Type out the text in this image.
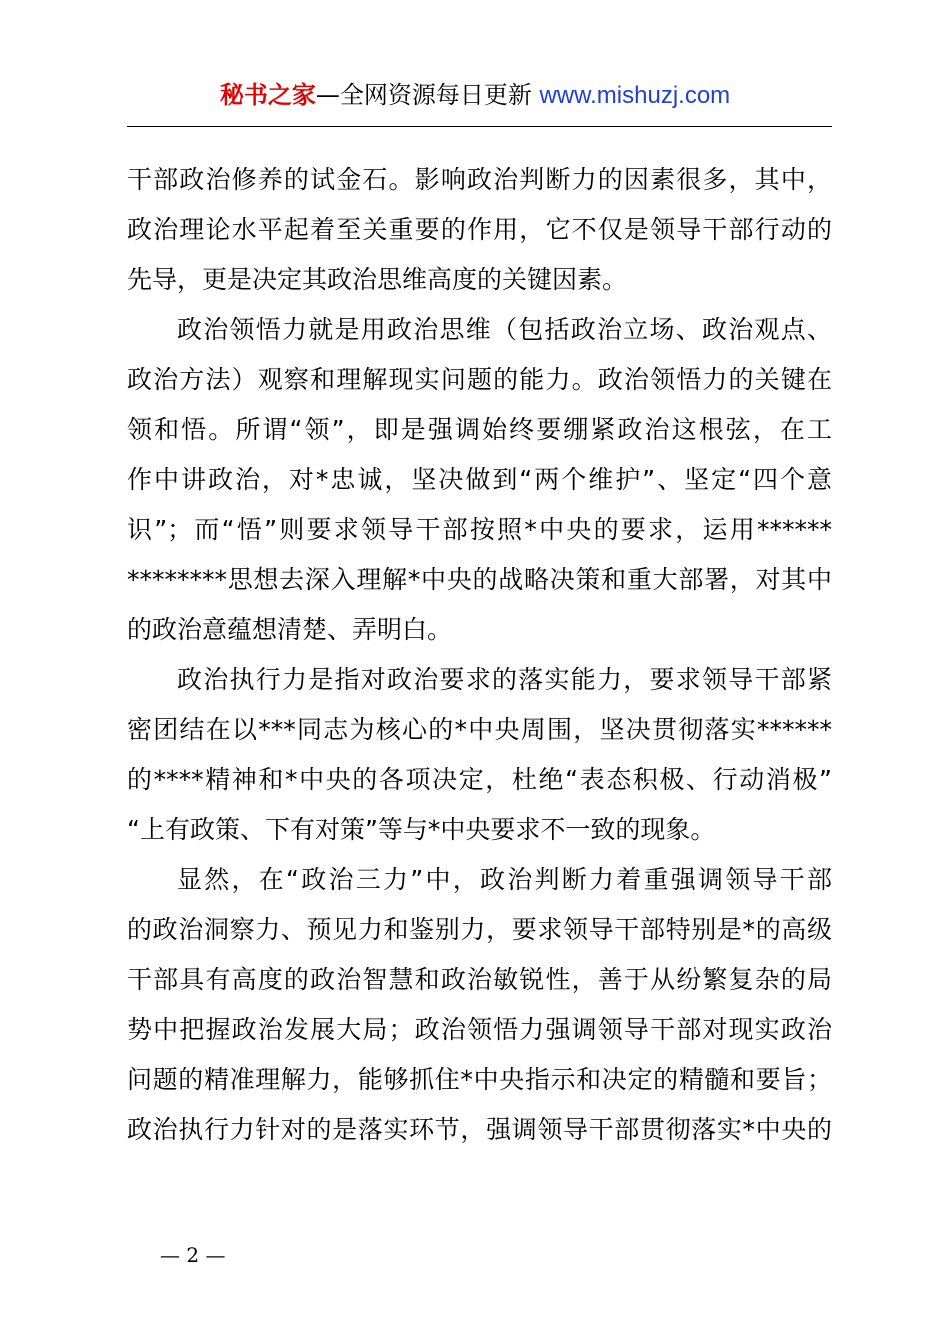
秘书之家—全网资源每日更新 www.mishuzj.com
干部政治修养的试金石。影响政治判断力的因素很多，其中，
政治理论水平起着至关重要的作用，它不仅是领导干部行动的
先导，更是决定其政治思维高度的关键因素。
政治领悟力就是用政治思维（包括政治立场、政治观点、
政治方法）观察和理解现实问题的能力。政治领悟力的关键在
领和悟。所谓“领”，即是强调始终要绷紧政治这根弦，在工
作中讲政治，对*忠诚，坚决做到“两个维护”、坚定“四个意
识”；而“悟”则要求领导干部按照*中央的要求，运用******
********思想去深入理解*中央的战略决策和重大部署，对其中
的政治意蕴想清楚、弄明白。
政治执行力是指对政治要求的落实能力，要求领导干部紧
密团结在以***同志为核心的*中央周围，坚决贯彻落实******
的****精神和*中央的各项决定，杜绝“表态积极、行动消极”
“上有政策、下有对策”等与*中央要求不一致的现象。
显然，在“政治三力”中，政治判断力着重强调领导干部
的政治洞察力、预见力和鉴别力，要求领导干部特别是*的高级
干部具有高度的政治智慧和政治敏锐性，善于从纷繁复杂的局
势中把握政治发展大局；政治领悟力强调领导干部对现实政治
问题的精准理解力，能够抓住*中央指示和决定的精髓和要旨；
政治执行力针对的是落实环节，强调领导干部贯彻落实*中央的
— 2 —
